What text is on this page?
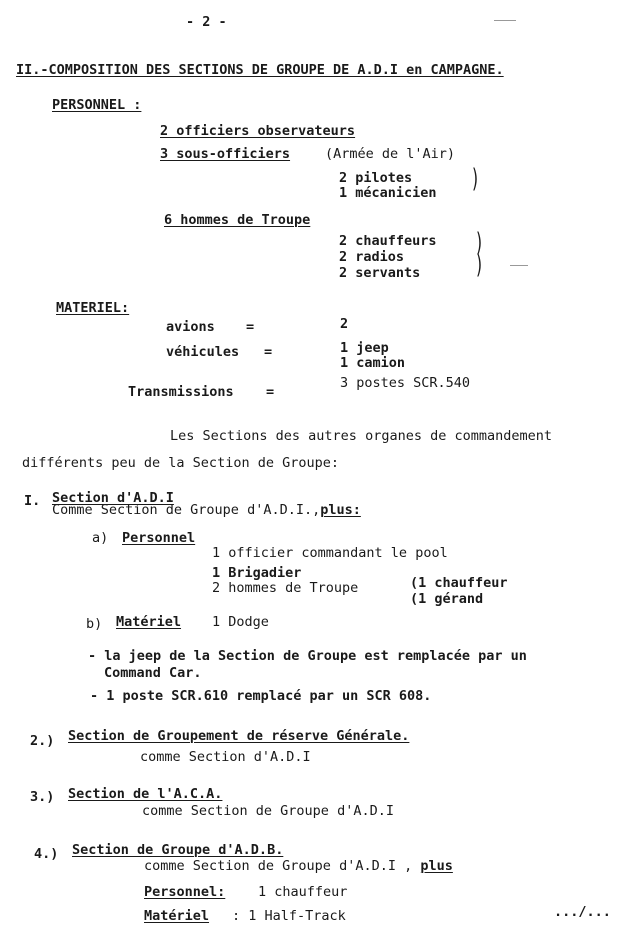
- 2 -
II.-COMPOSITION DES SECTIONS DE GROUPE DE A.D.I en CAMPAGNE.
PERSONNEL :
2 officiers observateurs
3 sous-officiers	(Armée de l'Air)
2 pilotes
1 mécanicien )
6 hommes de Troupe
2 chauffeurs
2 radios
2 servants
)
)
MATERIEL:
avions =	2
véhicules =	1 jeep
1 camion
Transmissions =
3 postes SCR.540
Les Sections des autres organes de commandement
différents peu de la Section de Groupe:
I. Section d'A.D.I
Comme Section de Groupe d'A.D.I.,plus:
a) Personnel
1 officier commandant le pool
1 Brigadier
2 hommes de Troupe	(1 chauffeur
(1 gérand
b) Matériel 1 Dodge
- la jeep de la Section de Groupe est remplacée par un
Command Car.
- 1 poste SCR.610 remplacé par un SCR 608.
2.) Section de Groupement de réserve Générale.
comme Section d'A.D.I
3.) Section de l'A.C.A.
comme Section de Groupe d'A.D.I
4.) Section de Groupe d'A.D.B.
comme Section de Groupe d'A.D.I , plus
Personnel: 1 chauffeur
Matériel : 1 Half-Track	.../...
